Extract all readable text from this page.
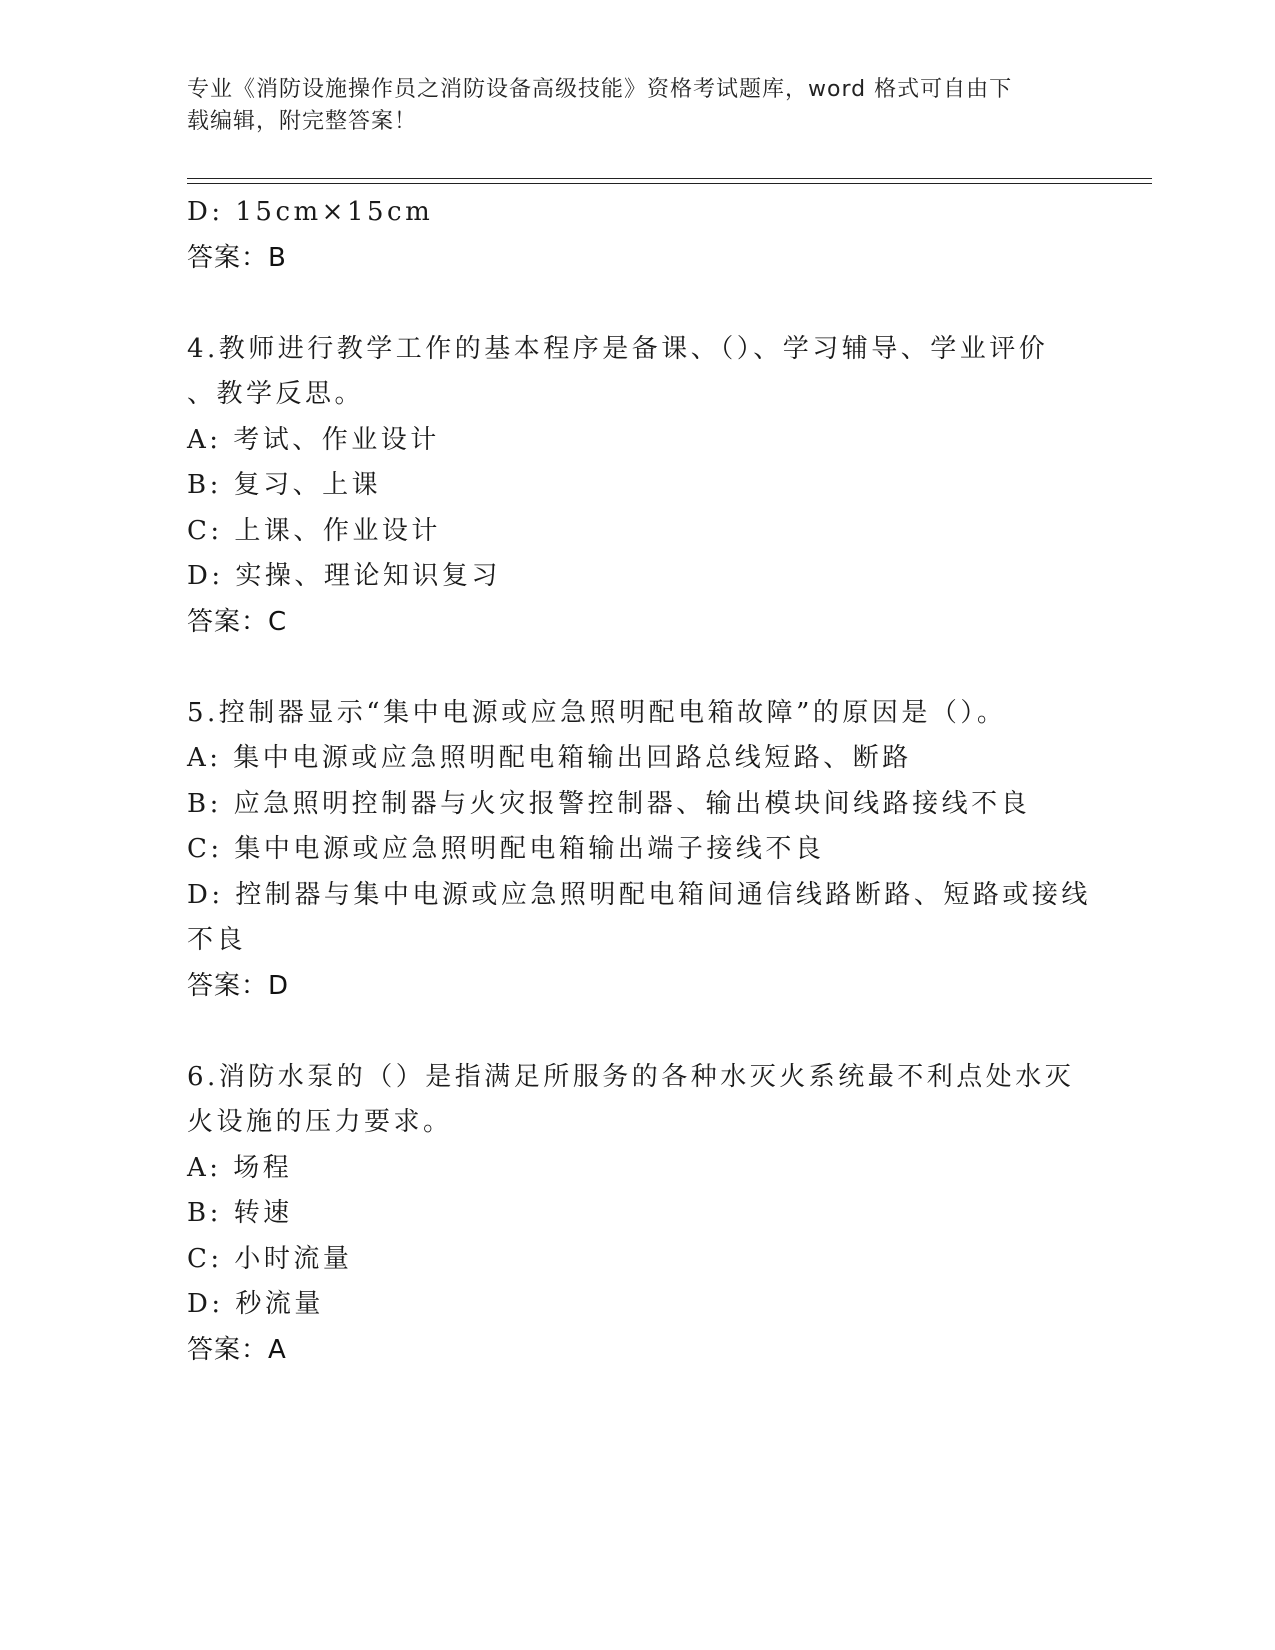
专业《消防设施操作员之消防设备高级技能》资格考试题库，word 格式可自由下
载编辑，附完整答案！
D: 15cm×15cm
答案：B
4.教师进行教学工作的基本程序是备课、（）、学习辅导、学业评价
、教学反思。
A: 考试、作业设计
B: 复习、上课
C: 上课、作业设计
D: 实操、理论知识复习
答案：C
5.控制器显示“集中电源或应急照明配电箱故障”的原因是（）。
A: 集中电源或应急照明配电箱输出回路总线短路、断路
B: 应急照明控制器与火灾报警控制器、输出模块间线路接线不良
C: 集中电源或应急照明配电箱输出端子接线不良
D: 控制器与集中电源或应急照明配电箱间通信线路断路、短路或接线
不良
答案：D
6.消防水泵的（）是指满足所服务的各种水灭火系统最不利点处水灭
火设施的压力要求。
A: 场程
B: 转速
C: 小时流量
D: 秒流量
答案：A
